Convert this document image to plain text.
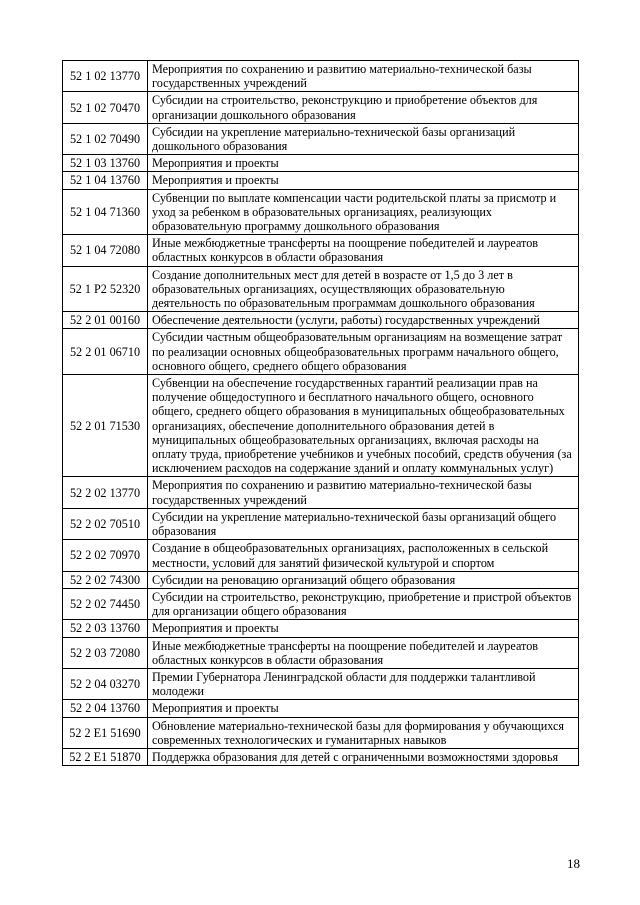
52 1 02 13770	Мероприятия по сохранению и развитию материально-технической базы государственных учреждений
52 1 02 70470	Субсидии на строительство, реконструкцию и приобретение объектов для организации дошкольного образования
52 1 02 70490	Субсидии на укрепление материально-технической базы организаций дошкольного образования
52 1 03 13760	Мероприятия и проекты
52 1 04 13760	Мероприятия и проекты
52 1 04 71360	Субвенции по выплате компенсации части родительской платы за присмотр и уход за ребенком в образовательных организациях, реализующих образовательную программу дошкольного образования
52 1 04 72080	Иные межбюджетные трансферты на поощрение победителей и лауреатов областных конкурсов в области образования
52 1 P2 52320	Создание дополнительных мест для детей в возрасте от 1,5 до 3 лет в образовательных организациях, осуществляющих образовательную деятельность по образовательным программам дошкольного образования
52 2 01 00160	Обеспечение деятельности (услуги, работы) государственных учреждений
52 2 01 06710	Субсидии частным общеобразовательным организациям на возмещение затрат по реализации основных общеобразовательных программ начального общего, основного общего, среднего общего образования
52 2 01 71530	Субвенции на обеспечение государственных гарантий реализации прав на получение общедоступного и бесплатного начального общего, основного общего, среднего общего образования в муниципальных общеобразовательных организациях, обеспечение дополнительного образования детей в муниципальных общеобразовательных организациях, включая расходы на оплату труда, приобретение учебников и учебных пособий, средств обучения (за исключением расходов на содержание зданий и оплату коммунальных услуг)
52 2 02 13770	Мероприятия по сохранению и развитию материально-технической базы государственных учреждений
52 2 02 70510	Субсидии на укрепление материально-технической базы организаций общего образования
52 2 02 70970	Создание в общеобразовательных организациях, расположенных в сельской местности, условий для занятий физической культурой и спортом
52 2 02 74300	Субсидии на реновацию организаций общего образования
52 2 02 74450	Субсидии на строительство, реконструкцию, приобретение и пристрой объектов для организации общего образования
52 2 03 13760	Мероприятия и проекты
52 2 03 72080	Иные межбюджетные трансферты на поощрение победителей и лауреатов областных конкурсов в области образования
52 2 04 03270	Премии Губернатора Ленинградской области для поддержки талантливой молодежи
52 2 04 13760	Мероприятия и проекты
52 2 E1 51690	Обновление материально-технической базы для формирования у обучающихся современных технологических и гуманитарных навыков
52 2 E1 51870	Поддержка образования для детей с ограниченными возможностями здоровья
18
